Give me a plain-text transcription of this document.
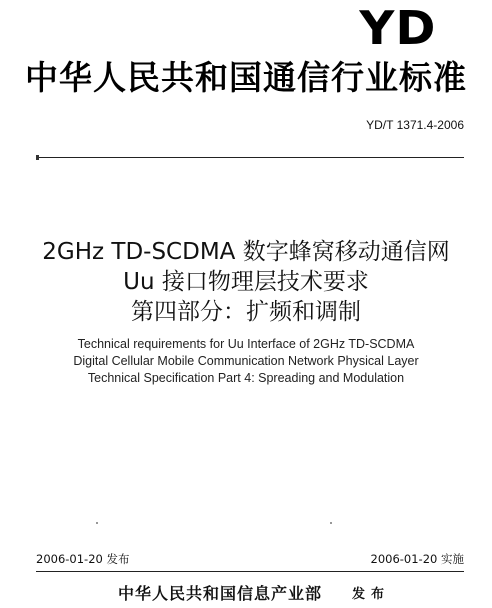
YD
中华人民共和国通信行业标准
YD/T 1371.4-2006
2GHz TD-SCDMA 数字蜂窝移动通信网
Uu 接口物理层技术要求
第四部分：扩频和调制
Technical requirements for Uu Interface of 2GHz TD-SCDMA
Digital Cellular Mobile Communication Network Physical Layer
Technical Specification Part 4: Spreading and Modulation
2006-01-20 发布	2006-01-20 实施
中华人民共和国信息产业部 发布
